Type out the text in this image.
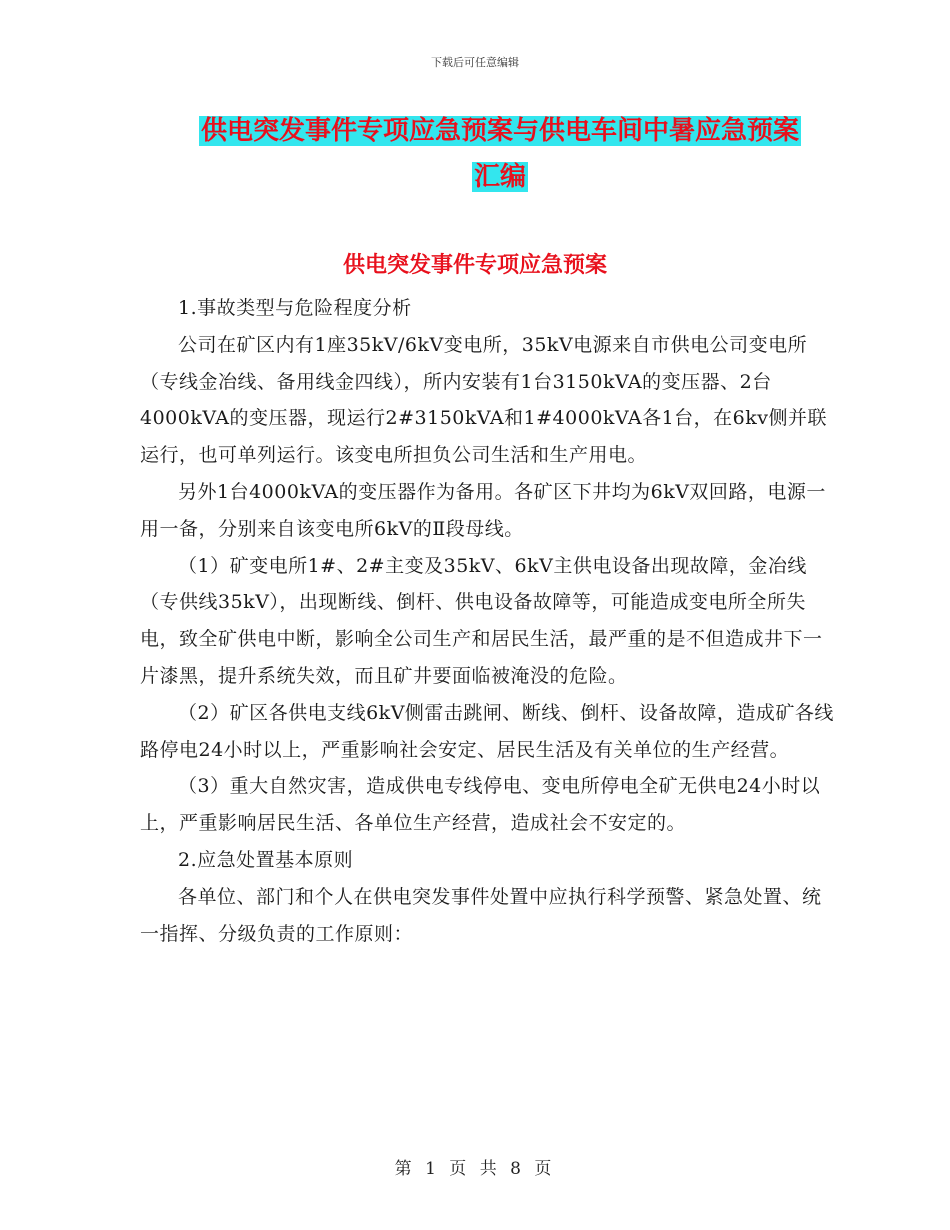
下载后可任意编辑
供电突发事件专项应急预案与供电车间中暑应急预案
汇编
供电突发事件专项应急预案

1.事故类型与危险程度分析

公司在矿区内有1座35kV/6kV变电所，35kV电源来自市供电公司变电所（专线金冶线、备用线金四线），所内安装有1台3150kVA的变压器、2台4000kVA的变压器，现运行2#3150kVA和1#4000kVA各1台，在6kv侧并联运行，也可单列运行。该变电所担负公司生活和生产用电。

另外1台4000kVA的变压器作为备用。各矿区下井均为6kV双回路，电源一用一备，分别来自该变电所6kV的Ⅱ段母线。

（1）矿变电所1#、2#主变及35kV、6kV主供电设备出现故障，金冶线（专供线35kV），出现断线、倒杆、供电设备故障等，可能造成变电所全所失电，致全矿供电中断，影响全公司生产和居民生活，最严重的是不但造成井下一片漆黑，提升系统失效，而且矿井要面临被淹没的危险。

（2）矿区各供电支线6kV侧雷击跳闸、断线、倒杆、设备故障，造成矿各线路停电24小时以上，严重影响社会安定、居民生活及有关单位的生产经营。

（3）重大自然灾害，造成供电专线停电、变电所停电全矿无供电24小时以上，严重影响居民生活、各单位生产经营，造成社会不安定的。

2.应急处置基本原则

各单位、部门和个人在供电突发事件处置中应执行科学预警、紧急处置、统一指挥、分级负责的工作原则：

第 1 页 共 8 页
